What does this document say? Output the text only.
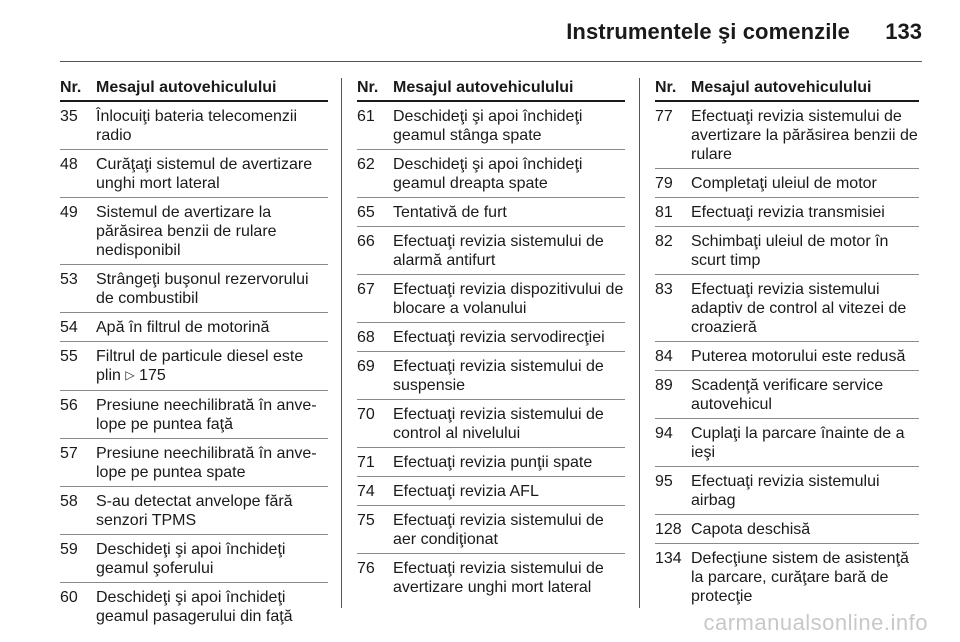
Instrumentele şi comenzile 133
Nr. Mesajul autovehiculului
35	Înlocuiţi bateria telecomenzii radio
48	Curăţaţi sistemul de avertizare unghi mort lateral
49	Sistemul de avertizare la părăsirea benzii de rulare nedisponibil
53	Strângeţi buşonul rezervorului de combustibil
54	Apă în filtrul de motorină
55	Filtrul de particule diesel este plin ▷ 175
56	Presiune neechilibrată în anve-lope pe puntea faţă
57	Presiune neechilibrată în anve-lope pe puntea spate
58	S-au detectat anvelope fără senzori TPMS
59	Deschideţi şi apoi închideţi geamul şoferului
60	Deschideţi şi apoi închideţi geamul pasagerului din faţă
Nr. Mesajul autovehiculului
61	Deschideţi şi apoi închideţi geamul stânga spate
62	Deschideţi şi apoi închideţi geamul dreapta spate
65	Tentativă de furt
66	Efectuaţi revizia sistemului de alarmă antifurt
67	Efectuaţi revizia dispozitivului de blocare a volanului
68	Efectuaţi revizia servodirecţiei
69	Efectuaţi revizia sistemului de suspensie
70	Efectuaţi revizia sistemului de control al nivelului
71	Efectuaţi revizia punţii spate
74	Efectuaţi revizia AFL
75	Efectuaţi revizia sistemului de aer condiţionat
76	Efectuaţi revizia sistemului de avertizare unghi mort lateral
Nr. Mesajul autovehiculului
77	Efectuaţi revizia sistemului de avertizare la părăsirea benzii de rulare
79	Completaţi uleiul de motor
81	Efectuaţi revizia transmisiei
82	Schimbaţi uleiul de motor în scurt timp
83	Efectuaţi revizia sistemului adaptiv de control al vitezei de croazieră
84	Puterea motorului este redusă
89	Scadenţă verificare service autovehicul
94	Cuplaţi la parcare înainte de a ieşi
95	Efectuaţi revizia sistemului airbag
128 Capota deschisă
134 Defecţiune sistem de asistenţă la parcare, curăţare bară de protecţie
carmanualsonline.info
